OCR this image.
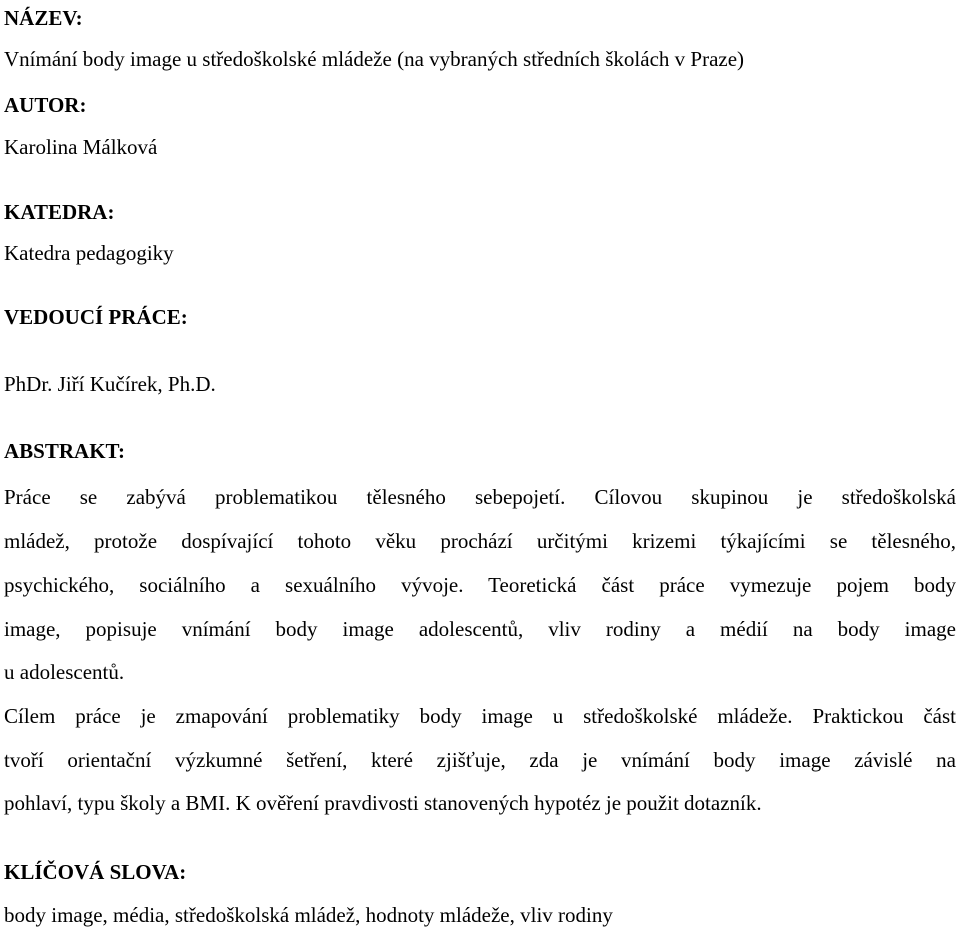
NÁZEV:
Vnímání body image u středoškolské mládeže (na vybraných středních školách v Praze)
AUTOR:
Karolina Málková
KATEDRA:
Katedra pedagogiky
VEDOUCÍ PRÁCE:
PhDr. Jiří Kučírek, Ph.D.
ABSTRAKT:
Práce se zabývá problematikou tělesného sebepojetí. Cílovou skupinou je středoškolská
mládež, protože dospívající tohoto věku prochází určitými krizemi týkajícími se tělesného,
psychického, sociálního a sexuálního vývoje. Teoretická část práce vymezuje pojem body
image, popisuje vnímání body image adolescentů, vliv rodiny a médií na body image
u adolescentů.
Cílem práce je zmapování problematiky body image u středoškolské mládeže. Praktickou část
tvoří orientační výzkumné šetření, které zjišťuje, zda je vnímání body image závislé na
pohlaví, typu školy a BMI. K ověření pravdivosti stanovených hypotéz je použit dotazník.
KLÍČOVÁ SLOVA:
body image, média, středoškolská mládež, hodnoty mládeže, vliv rodiny
